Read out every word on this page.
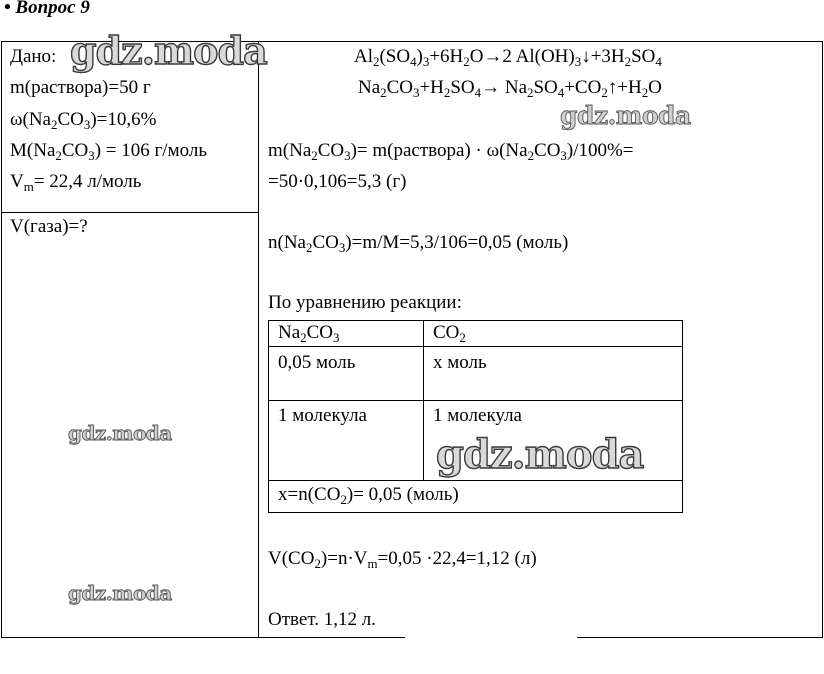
• Вопрос 9
Дано:
m(раствора)=50 г
$\omega(Na_2CO_3)=10,6\%$
$M(Na_2CO_3) = 106$ г/моль
$V_m= 22,4$ л/моль
V(газа)=?
$Al_2(SO_4)_3+6H_2O\to 2$ $Al(OH)_3↓+3H_2SO_4$
$Na_2CO_3+H_2SO_4\to$ $Na_2SO_4+CO_2↑+H_2O$
$m(Na_2CO_3)=$ m(раствора) · $\omega(Na_2CO_3)/100\%=$
=50·0,106=5,3 (г)
$n(Na_2CO_3)=m/M=5,3/106=0,05$ (моль)
По уравнению реакции:
$Na_2CO_3$	$CO_2$
0,05 моль	x моль
1 молекула	1 молекула
$x=n(CO_2)= 0,05$ (моль)
$V(CO_2)=n\cdot V_m=0,05 \cdot 22,4=1,12$ (л)
Ответ. 1,12 л.
gdz.moda
gdz.moda
gdz.moda
gdz.moda
gdz.moda
